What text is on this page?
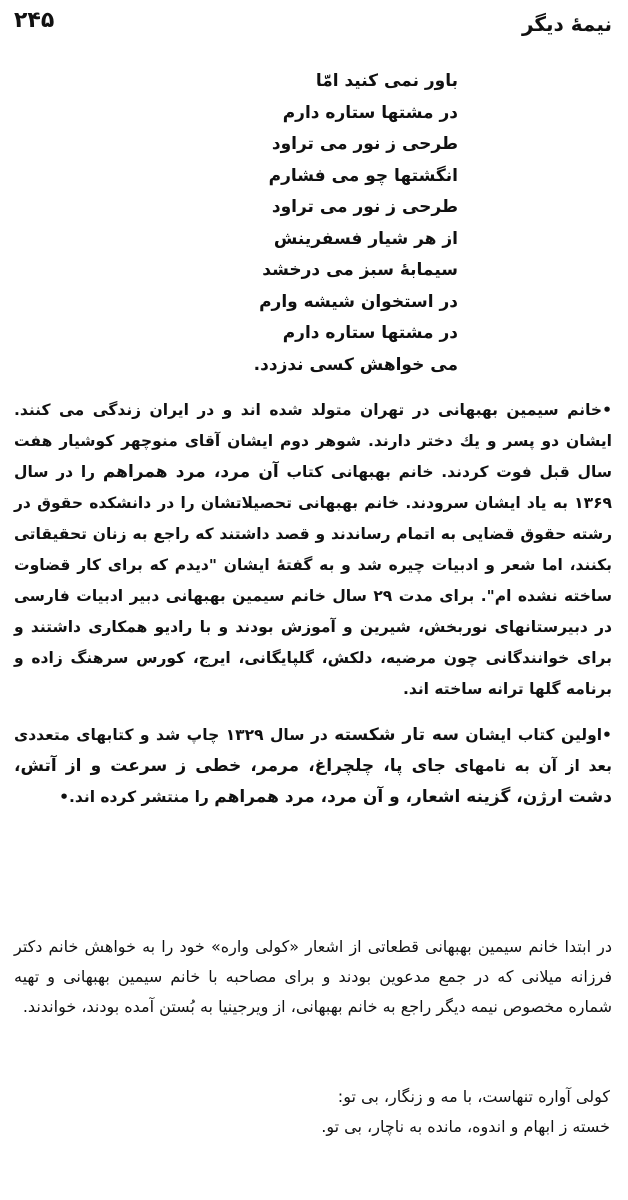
نیمهٔ دیگر
۲۴۵
باور نمی کنید امّا
در مشتها ستاره دارم
طرحی ز نور می تراود
انگشتها چو می فشارم
طرحی ز نور می تراود
از هر شیار فسفرینش
سیمابهٔ سبز می درخشد
در استخوان شیشه وارم
در مشتها ستاره دارم
می خواهش کسی ندزدد.
•خانم سیمین بهبهانی در تهران متولد شده اند و در ایران زندگی می کنند. ایشان دو پسر و یك دختر دارند. شوهر دوم ایشان آقای منوچهر کوشیار هفت سال قبل فوت کردند. خانم بهبهانی کتاب آن مرد، مرد همراهم را در سال ۱۳۶۹ به یاد ایشان سرودند. خانم بهبهانی تحصیلاتشان را در دانشکده حقوق در رشته حقوق قضایی به اتمام رساندند و قصد داشتند که راجع به زنان تحقیقاتی بکنند، اما شعر و ادبیات چیره شد و به گفتهٔ ایشان "دیدم که برای کار قضاوت ساخته نشده ام". برای مدت ۲۹ سال خانم سیمین بهبهانی دبیر ادبیات فارسی در دبیرستانهای نوربخش، شیرین و آموزش بودند و با رادیو همکاری داشتند و برای خوانندگانی چون مرضیه، دلکش، گلپایگانی، ایرج، کورس سرهنگ زاده و برنامه گلها ترانه ساخته اند.
•اولین کتاب ایشان سه تار شکسته در سال ۱۳۲۹ چاپ شد و کتابهای متعددی بعد از آن به نامهای جای پا، چلچراغ، مرمر، خطی ز سرعت و از آتش، دشت ارژن، گزینه اشعار، و آن مرد، مرد همراهم را منتشر کرده اند.•
در ابتدا خانم سیمین بهبهانی قطعاتی از اشعار «کولی واره» خود را به خواهش خانم دکتر فرزانه میلانی که در جمع مدعوین بودند و برای مصاحبه با خانم سیمین بهبهانی و تهیه شماره مخصوص نیمه دیگر راجع به خانم بهبهانی، از ویرجینیا به بُستن آمده بودند، خواندند.
کولی آواره تنهاست، با مه و زنگار، بی تو:
خسته ز ابهام و اندوه، مانده به ناچار، بی تو.
